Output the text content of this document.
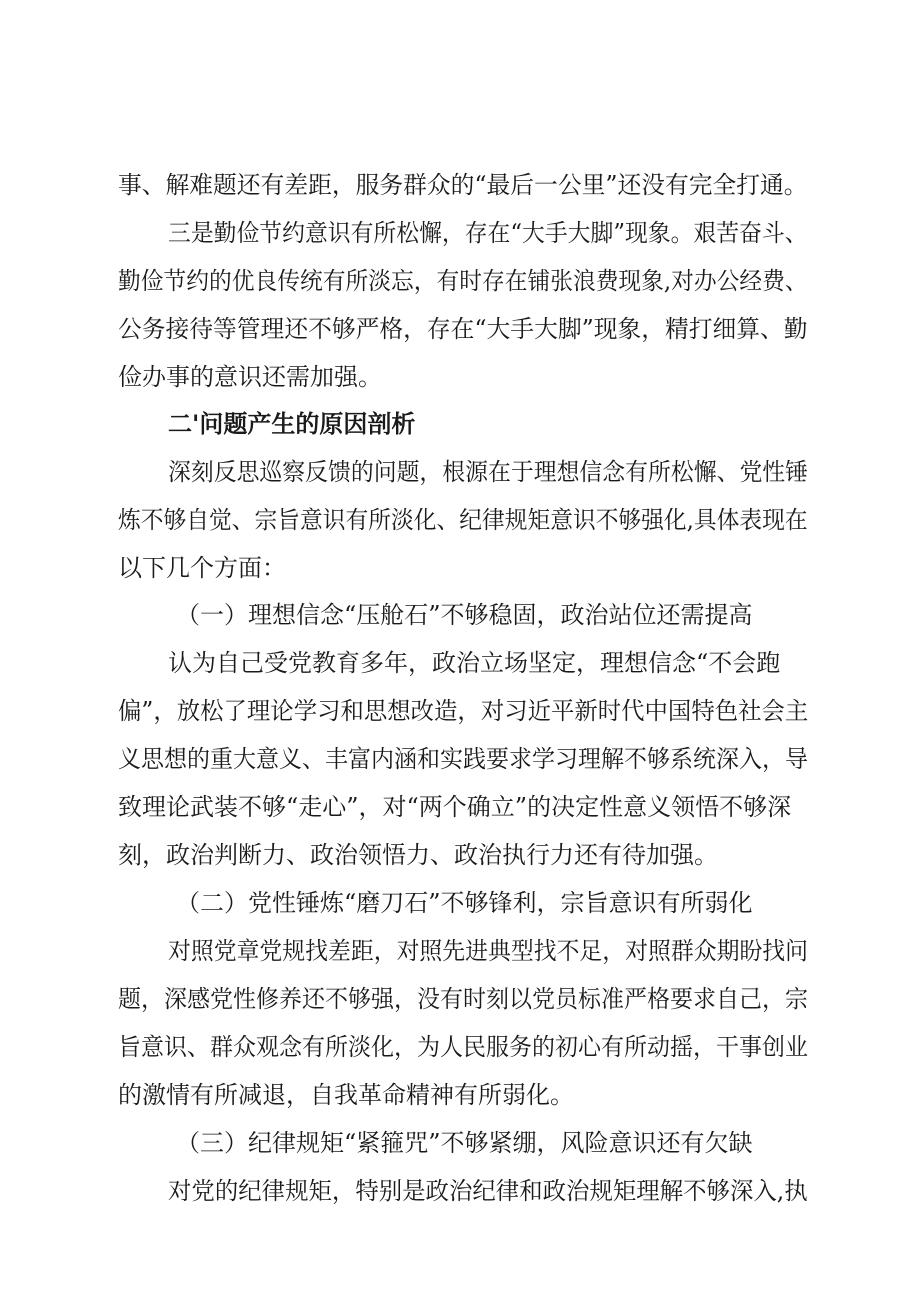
事、解难题还有差距，服务群众的“最后一公里”还没有完全打通。
三是勤俭节约意识有所松懈，存在“大手大脚”现象。艰苦奋斗、
勤俭节约的优良传统有所淡忘，有时存在铺张浪费现象,对办公经费、
公务接待等管理还不够严格，存在“大手大脚”现象，精打细算、勤
俭办事的意识还需加强。
二'问题产生的原因剖析
深刻反思巡察反馈的问题，根源在于理想信念有所松懈、党性锤
炼不够自觉、宗旨意识有所淡化、纪律规矩意识不够强化,具体表现在
以下几个方面：
（一）理想信念“压舱石”不够稳固，政治站位还需提高
认为自己受党教育多年，政治立场坚定，理想信念“不会跑
偏”，放松了理论学习和思想改造，对习近平新时代中国特色社会主
义思想的重大意义、丰富内涵和实践要求学习理解不够系统深入，导
致理论武装不够“走心”，对“两个确立”的决定性意义领悟不够深
刻，政治判断力、政治领悟力、政治执行力还有待加强。
（二）党性锤炼“磨刀石”不够锋利，宗旨意识有所弱化
对照党章党规找差距，对照先进典型找不足，对照群众期盼找问
题，深感党性修养还不够强，没有时刻以党员标准严格要求自己，宗
旨意识、群众观念有所淡化，为人民服务的初心有所动摇，干事创业
的激情有所减退，自我革命精神有所弱化。
（三）纪律规矩“紧箍咒”不够紧绷，风险意识还有欠缺
对党的纪律规矩，特别是政治纪律和政治规矩理解不够深入,执
